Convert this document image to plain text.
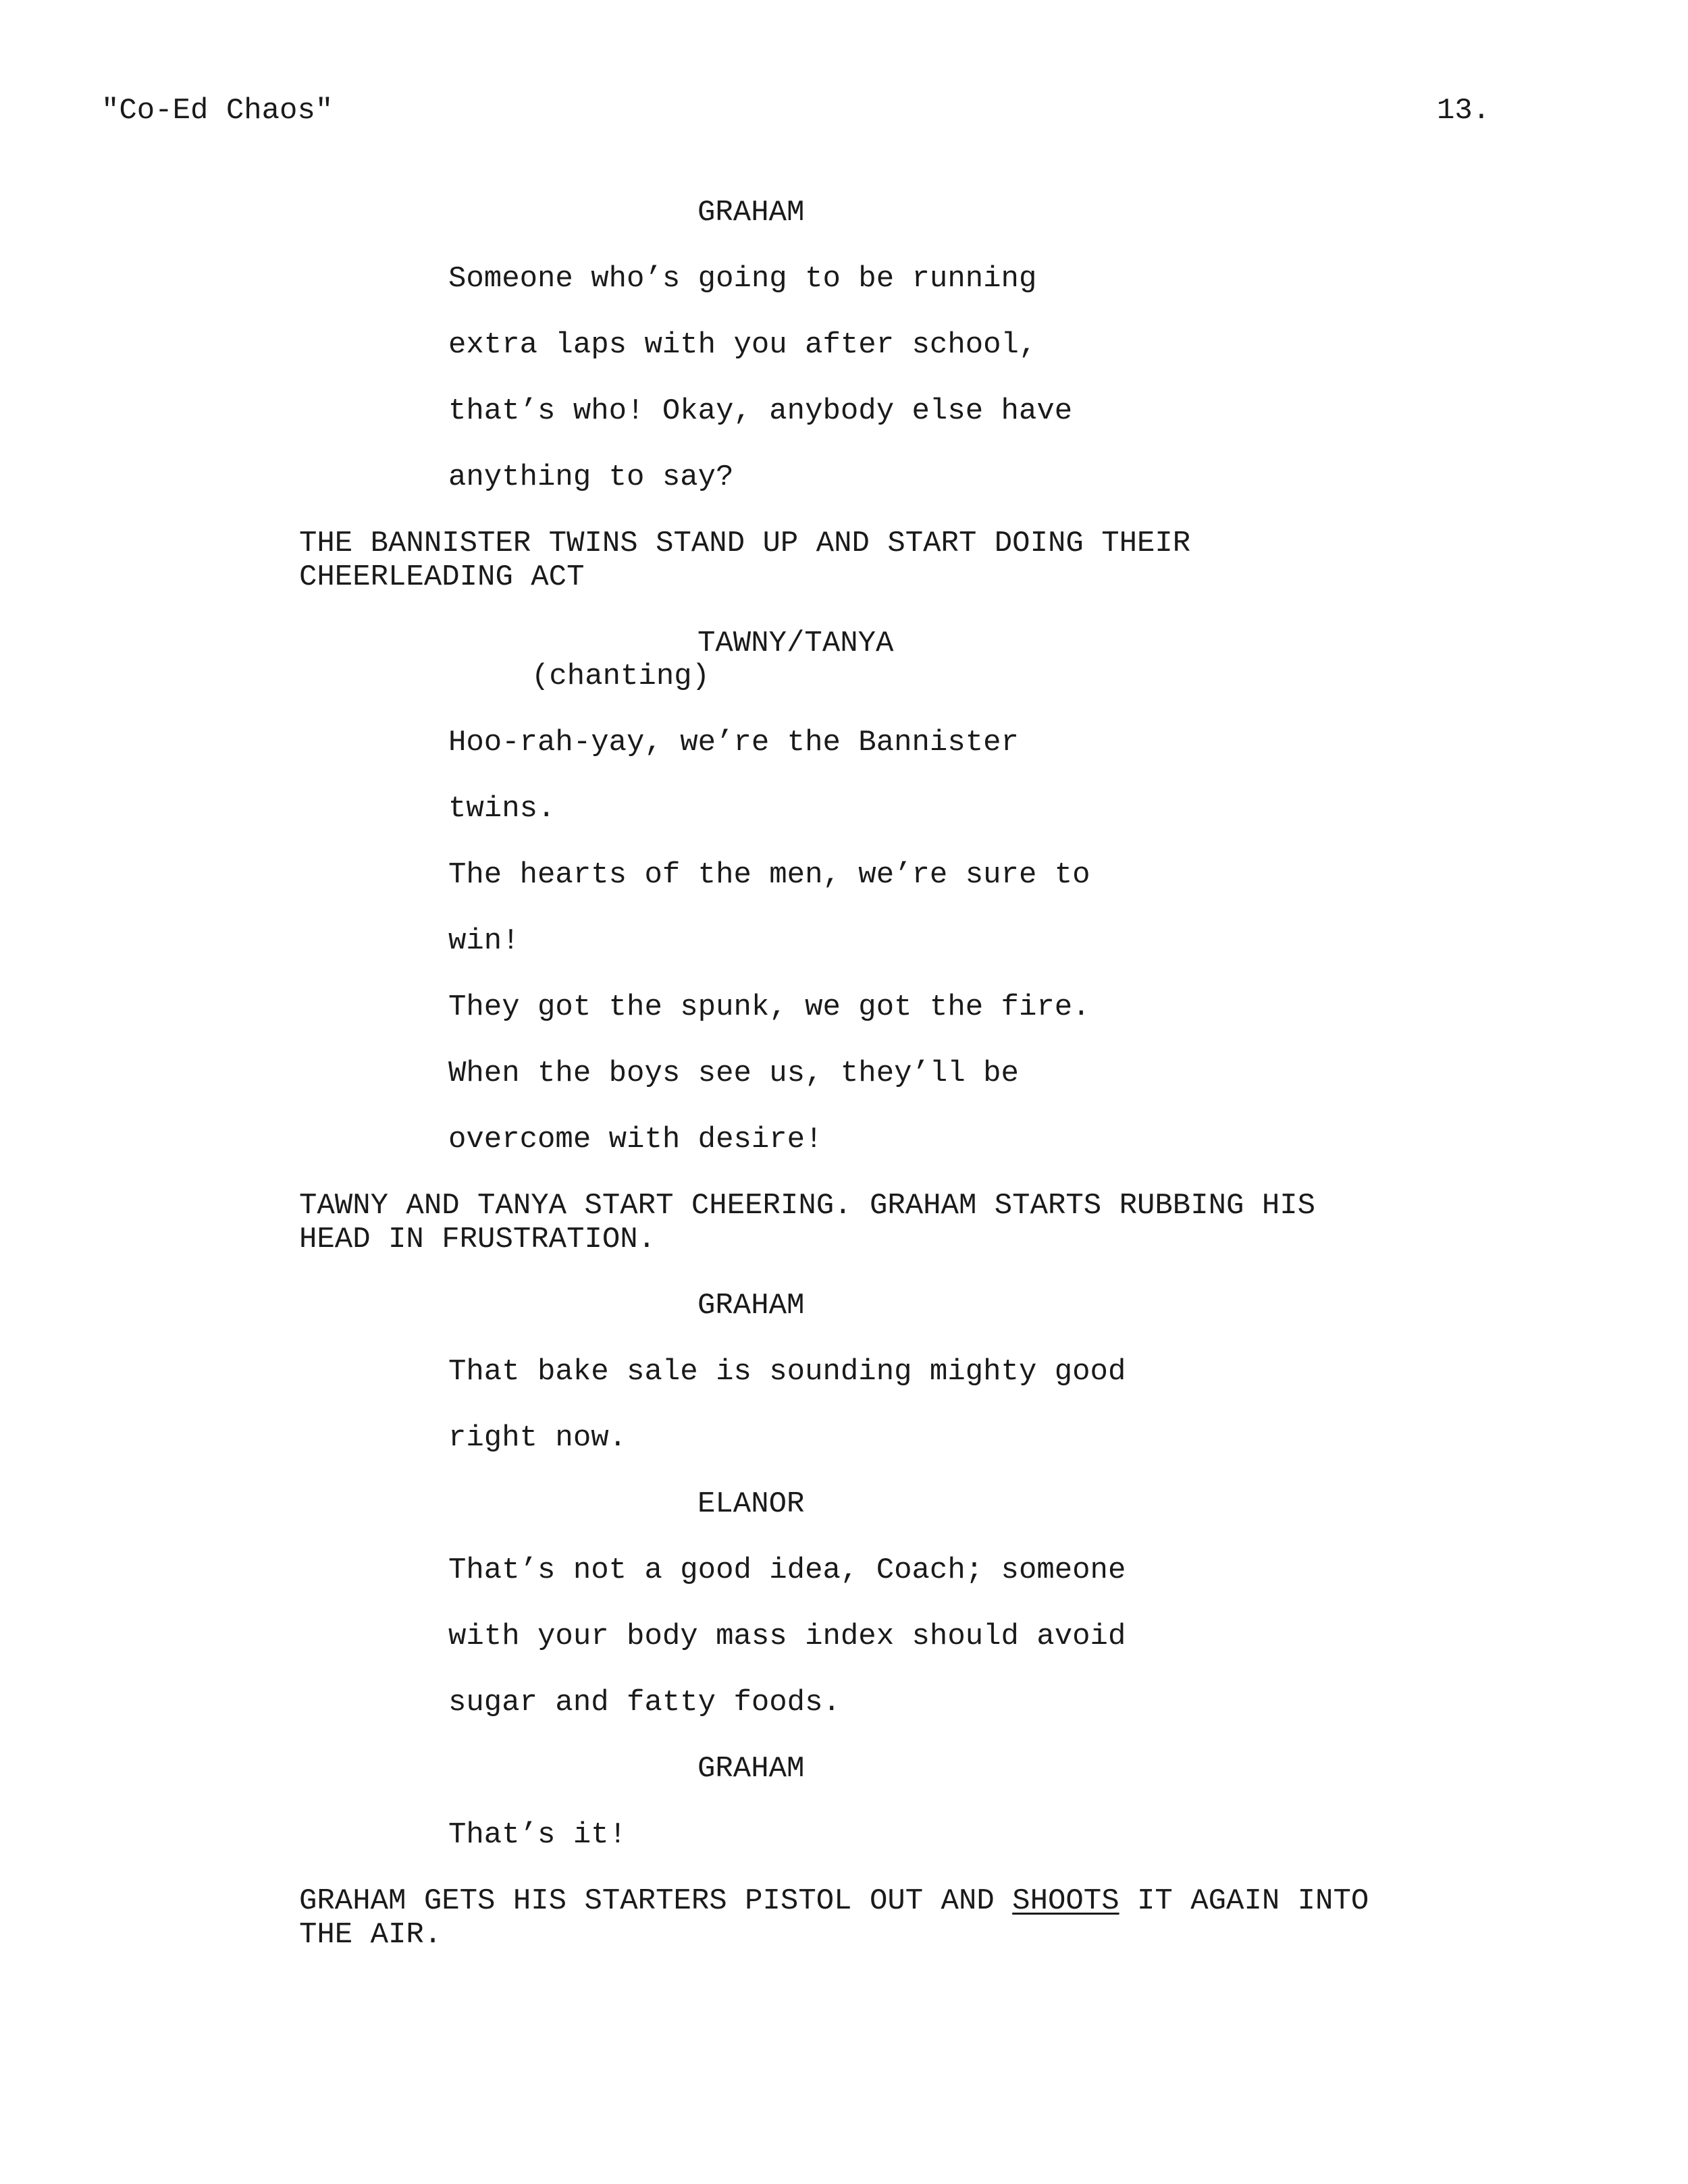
"Co-Ed Chaos"	13.

GRAHAM

Someone who’s going to be running

extra laps with you after school,

that’s who! Okay, anybody else have

anything to say?

THE BANNISTER TWINS STAND UP AND START DOING THEIR

CHEERLEADING ACT

TAWNY/TANYA

(chanting)

Hoo-rah-yay, we’re the Bannister

twins.

The hearts of the men, we’re sure to

win!

They got the spunk, we got the fire.

When the boys see us, they’ll be

overcome with desire!

TAWNY AND TANYA START CHEERING. GRAHAM STARTS RUBBING HIS

HEAD IN FRUSTRATION.

GRAHAM

That bake sale is sounding mighty good

right now.

ELANOR

That’s not a good idea, Coach; someone

with your body mass index should avoid

sugar and fatty foods.

GRAHAM

That’s it!

GRAHAM GETS HIS STARTERS PISTOL OUT AND SHOOTS IT AGAIN INTO

THE AIR.
